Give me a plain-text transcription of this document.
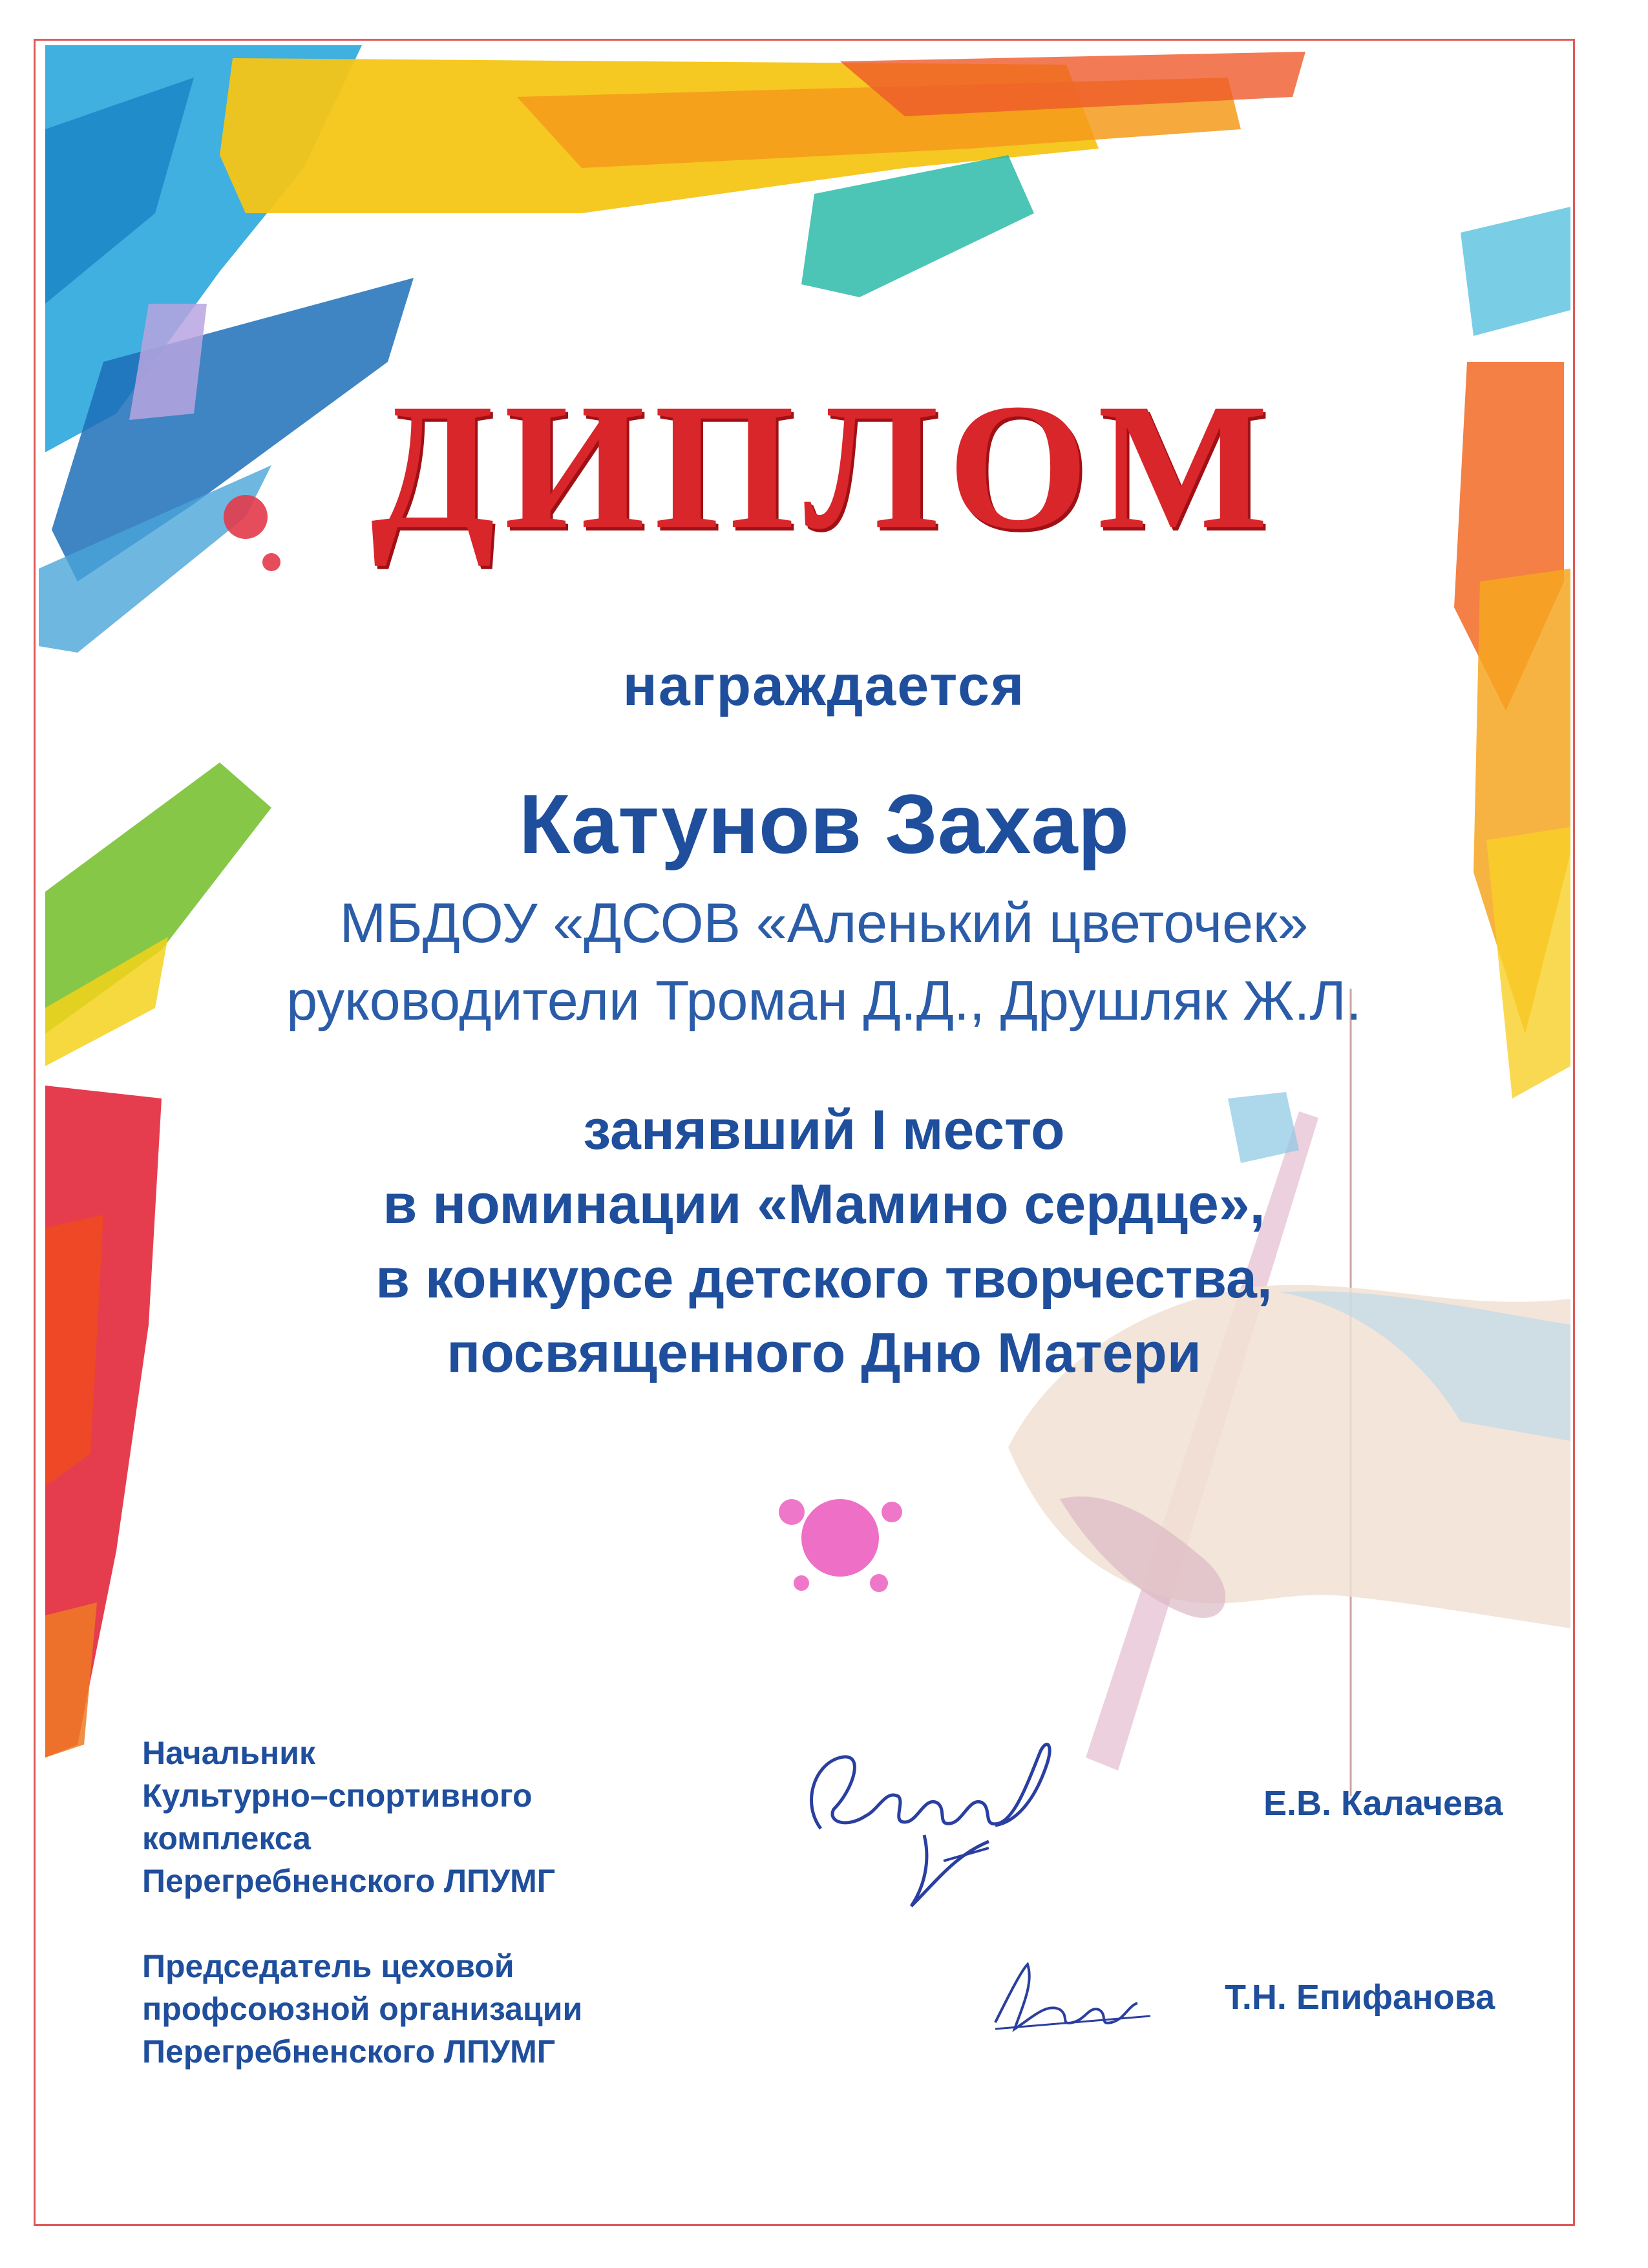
ДИПЛОМ
награждается
Катунов Захар
МБДОУ «ДСОВ «Аленький цветочек»
руководители Троман Д.Д., Друшляк Ж.Л.
занявший I место
в номинации «Мамино сердце»,
в конкурсе детского творчества,
посвященного Дню Матери
Начальник
Культурно–спортивного
комплекса
Перегребненского ЛПУМГ
Е.В. Калачева
Председатель цеховой
профсоюзной организации
Перегребненского ЛПУМГ
Т.Н. Епифанова
